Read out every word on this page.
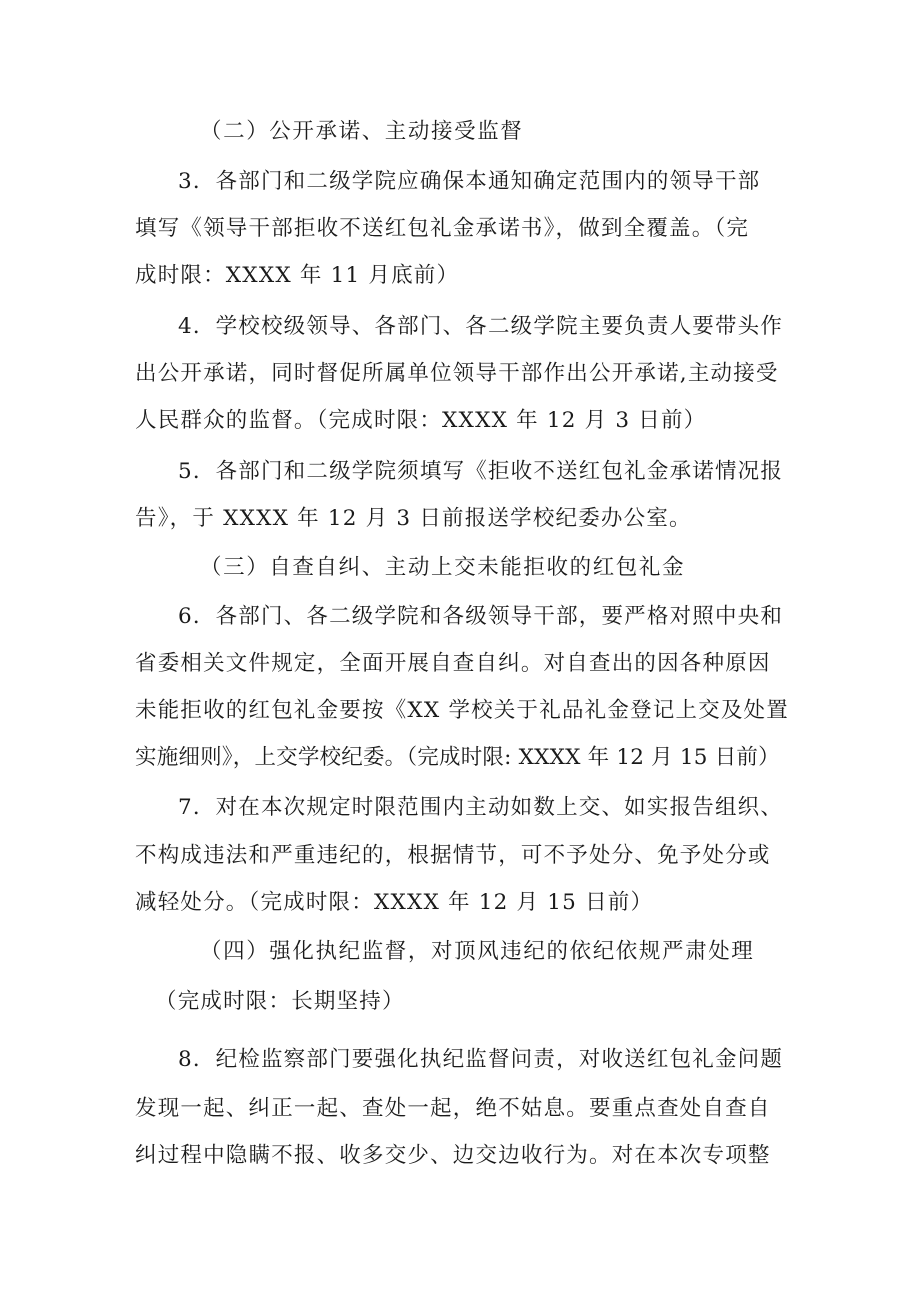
（二）公开承诺、主动接受监督
3．各部门和二级学院应确保本通知确定范围内的领导干部
填写《领导干部拒收不送红包礼金承诺书》，做到全覆盖。（完
成时限：XXXX 年 11 月底前）
4．学校校级领导、各部门、各二级学院主要负责人要带头作
出公开承诺，同时督促所属单位领导干部作出公开承诺,主动接受
人民群众的监督。（完成时限：XXXX 年 12 月 3 日前）
5．各部门和二级学院须填写《拒收不送红包礼金承诺情况报
告》，于 XXXX 年 12 月 3 日前报送学校纪委办公室。
（三）自查自纠、主动上交未能拒收的红包礼金
6．各部门、各二级学院和各级领导干部，要严格对照中央和
省委相关文件规定，全面开展自查自纠。对自查出的因各种原因
未能拒收的红包礼金要按《XX 学校关于礼品礼金登记上交及处置
实施细则》，上交学校纪委。（完成时限: XXXX 年 12 月 15 日前）
7．对在本次规定时限范围内主动如数上交、如实报告组织、
不构成违法和严重违纪的，根据情节，可不予处分、免予处分或
减轻处分。（完成时限：XXXX 年 12 月 15 日前）
（四）强化执纪监督，对顶风违纪的依纪依规严肃处理
（完成时限：长期坚持）
8．纪检监察部门要强化执纪监督问责，对收送红包礼金问题
发现一起、纠正一起、查处一起，绝不姑息。要重点查处自查自
纠过程中隐瞒不报、收多交少、边交边收行为。对在本次专项整
